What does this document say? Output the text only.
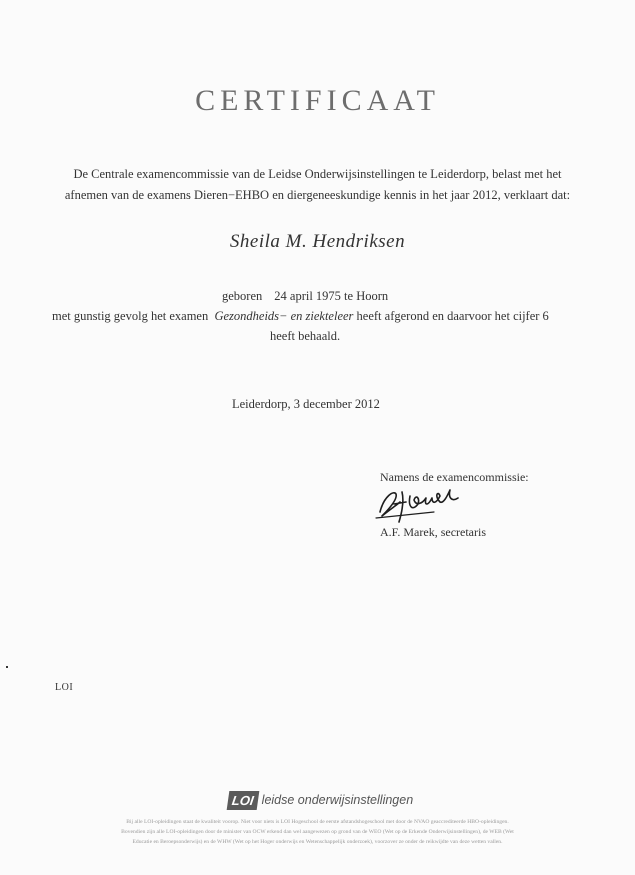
CERTIFICAAT
De Centrale examencommissie van de Leidse Onderwijsinstellingen te Leiderdorp, belast met het
afnemen van de examens Dieren−EHBO en diergeneeskundige kennis in het jaar 2012, verklaart dat:
Sheila M. Hendriksen
geboren 24 april 1975 te Hoorn
met gunstig gevolg het examen Gezondheids− en ziekteleer heeft afgerond en daarvoor het cijfer 6
heeft behaald.
Leiderdorp, 3 december 2012
Namens de examencommissie:
A.F. Marek, secretaris
LOI
LOI leidse onderwijsinstellingen
Bij alle LOI-opleidingen staat de kwaliteit voorop. Niet voor niets is LOI Hogeschool de eerste afstandshogeschool met door de NVAO geaccrediteerde HBO-opleidingen.
Bovendien zijn alle LOI-opleidingen door de minister van OCW erkend dan wel aangewezen op grond van de WEO (Wet op de Erkende Onderwijsinstellingen), de WEB (Wet
Educatie en Beroepsonderwijs) en de WHW (Wet op het Hoger onderwijs en Wetenschappelijk onderzoek), voorzover ze onder de reikwijdte van deze wetten vallen.
